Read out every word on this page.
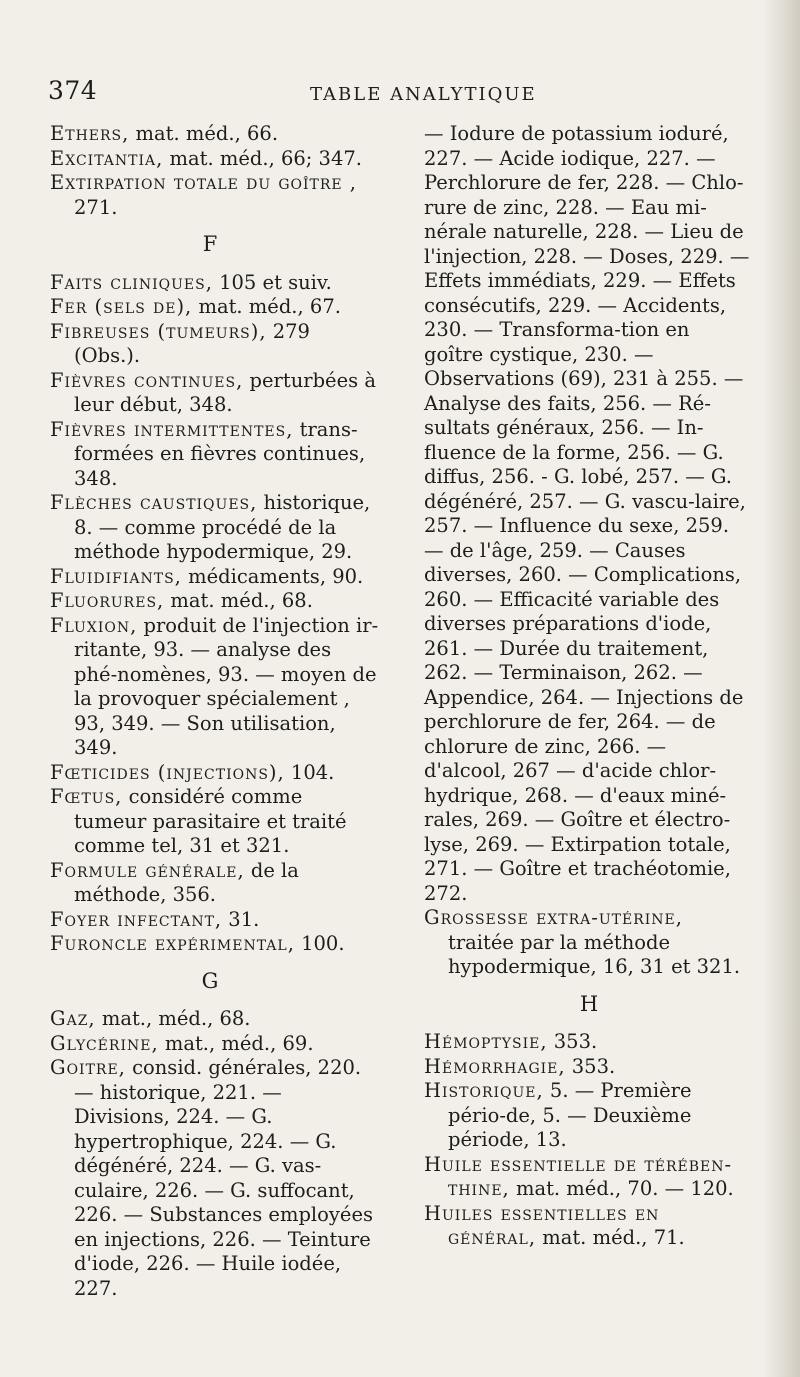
374	TABLE ANALYTIQUE

Ethers, mat. méd., 66.

Excitantia, mat. méd., 66; 347.

Extirpation totale du goître , 271.

F

Faits cliniques, 105 et suiv.

Fer (sels de), mat. méd., 67.

Fibreuses (tumeurs), 279 (Obs.).

Fièvres continues, perturbées à leur début, 348.

Fièvres intermittentes, trans-formées en fièvres continues, 348.

Flèches caustiques, historique, 8. — comme procédé de la méthode hypodermique, 29.

Fluidifiants, médicaments, 90.

Fluorures, mat. méd., 68.

Fluxion, produit de l'injection ir-ritante, 93. — analyse des phé-nomènes, 93. — moyen de la provoquer spécialement , 93, 349. — Son utilisation, 349.

Fœticides (injections), 104.

Fœtus, considéré comme tumeur parasitaire et traité comme tel, 31 et 321.

Formule générale, de la méthode, 356.

Foyer infectant, 31.

Furoncle expérimental, 100.

G

Gaz, mat., méd., 68.

Glycérine, mat., méd., 69.

Goitre, consid. générales, 220. — historique, 221. — Divisions, 224. — G. hypertrophique, 224. — G. dégénéré, 224. — G. vas-culaire, 226. — G. suffocant, 226. — Substances employées en injections, 226. — Teinture d'iode, 226. — Huile iodée, 227.

— Iodure de potassium ioduré, 227. — Acide iodique, 227. — Perchlorure de fer, 228. — Chlo-rure de zinc, 228. — Eau mi-nérale naturelle, 228. — Lieu de l'injection, 228. — Doses, 229. — Effets immédiats, 229. — Effets consécutifs, 229. — Accidents, 230. — Transforma-tion en goître cystique, 230. — Observations (69), 231 à 255. — Analyse des faits, 256. — Ré-sultats généraux, 256. — In-fluence de la forme, 256. — G. diffus, 256. - G. lobé, 257. — G. dégénéré, 257. — G. vascu-laire, 257. — Influence du sexe, 259. — de l'âge, 259. — Causes diverses, 260. — Complications, 260. — Efficacité variable des diverses préparations d'iode, 261. — Durée du traitement, 262. — Terminaison, 262. — Appendice, 264. — Injections de perchlorure de fer, 264. — de chlorure de zinc, 266. — d'alcool, 267 — d'acide chlor-hydrique, 268. — d'eaux miné-rales, 269. — Goître et électro-lyse, 269. — Extirpation totale, 271. — Goître et trachéotomie, 272.

Grossesse extra-utérine, traitée par la méthode hypodermique, 16, 31 et 321.

H

Hémoptysie, 353.

Hémorrhagie, 353.

Historique, 5. — Première pério-de, 5. — Deuxième période, 13.

Huile essentielle de térében-thine, mat. méd., 70. — 120.

Huiles essentielles en général, mat. méd., 71.
